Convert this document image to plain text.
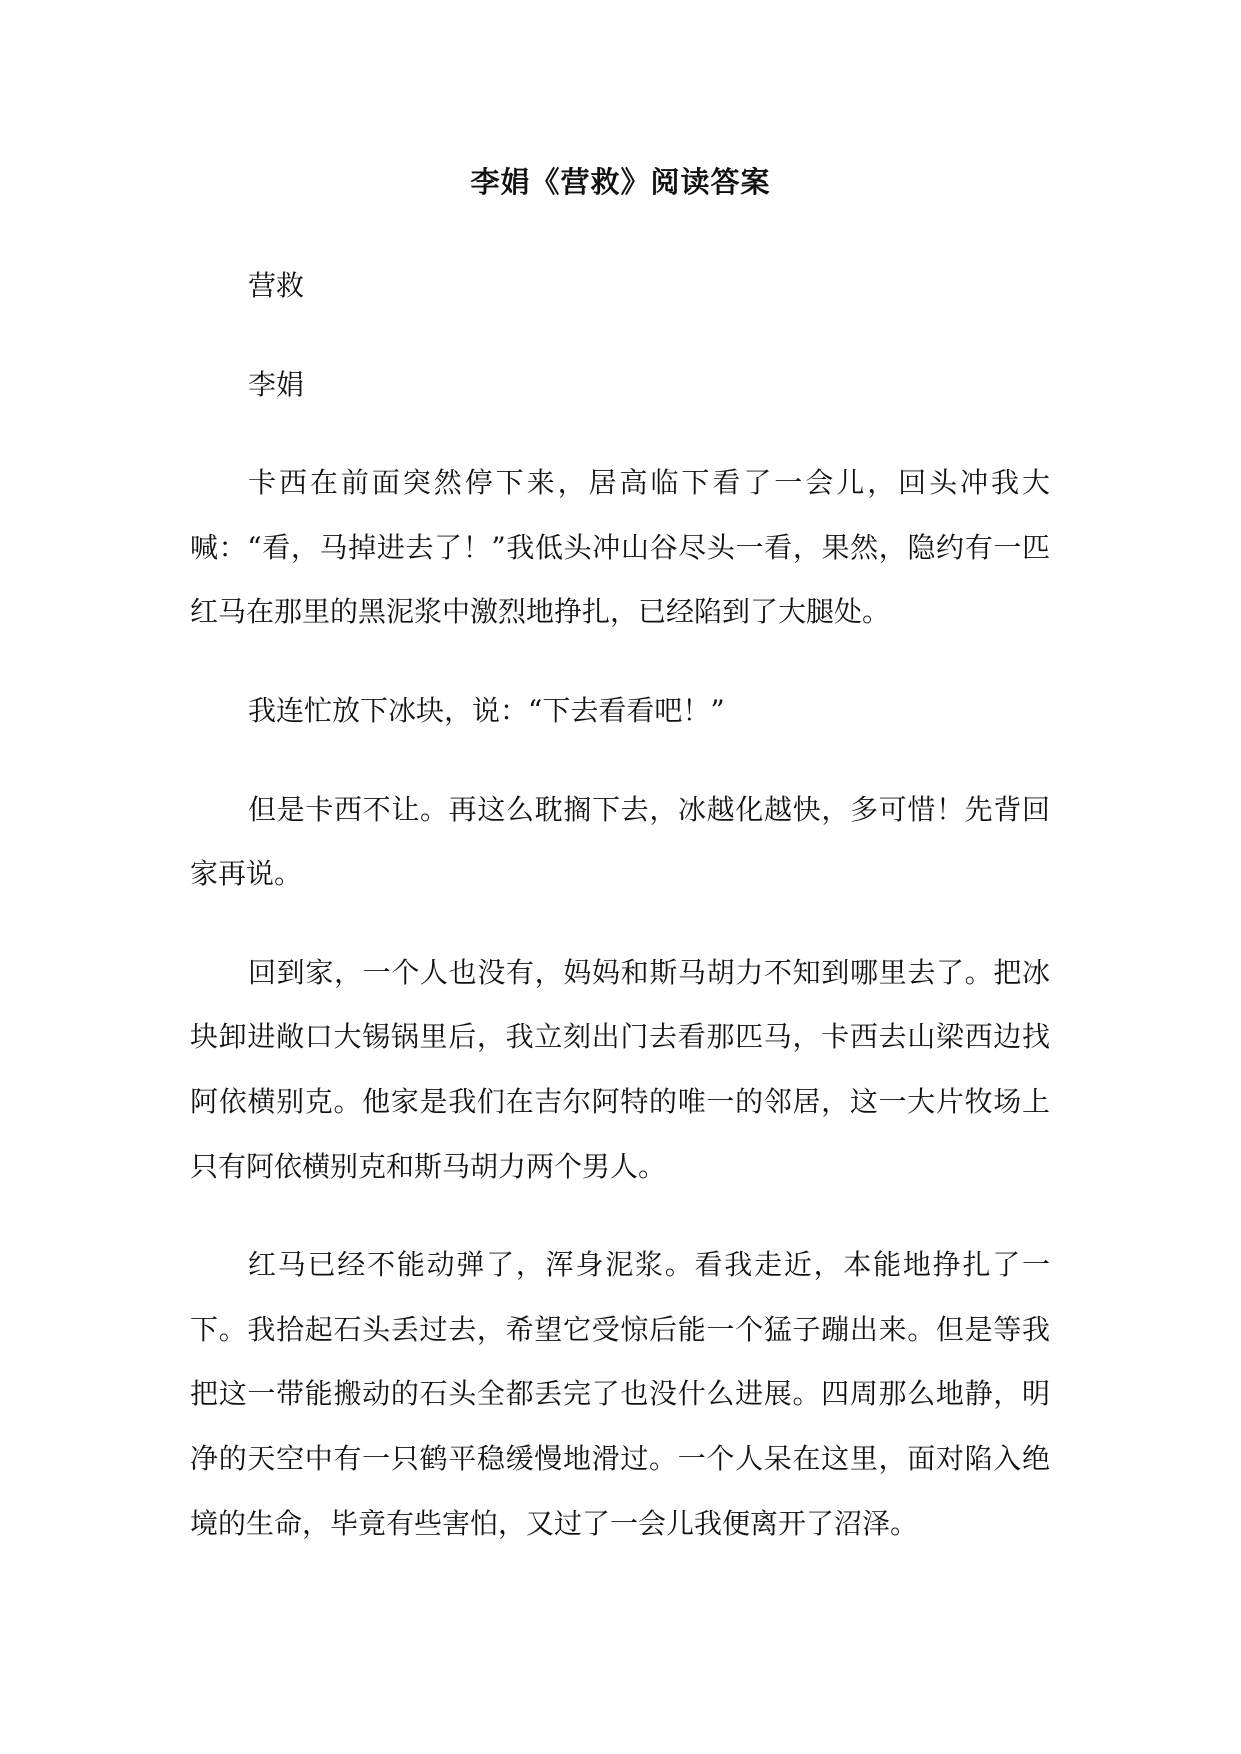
李娟《营救》阅读答案

营救

李娟

卡西在前面突然停下来，居高临下看了一会儿，回头冲我大喊：“看，马掉进去了！”我低头冲山谷尽头一看，果然，隐约有一匹红马在那里的黑泥浆中激烈地挣扎，已经陷到了大腿处。

我连忙放下冰块，说：“下去看看吧！”

但是卡西不让。再这么耽搁下去，冰越化越快，多可惜！先背回家再说。

回到家，一个人也没有，妈妈和斯马胡力不知到哪里去了。把冰块卸进敞口大锡锅里后，我立刻出门去看那匹马，卡西去山梁西边找阿依横别克。他家是我们在吉尔阿特的唯一的邻居，这一大片牧场上只有阿依横别克和斯马胡力两个男人。

红马已经不能动弹了，浑身泥浆。看我走近，本能地挣扎了一下。我拾起石头丢过去，希望它受惊后能一个猛子蹦出来。但是等我把这一带能搬动的石头全都丢完了也没什么进展。四周那么地静，明净的天空中有一只鹤平稳缓慢地滑过。一个人呆在这里，面对陷入绝境的生命，毕竟有些害怕，又过了一会儿我便离开了沼泽。
